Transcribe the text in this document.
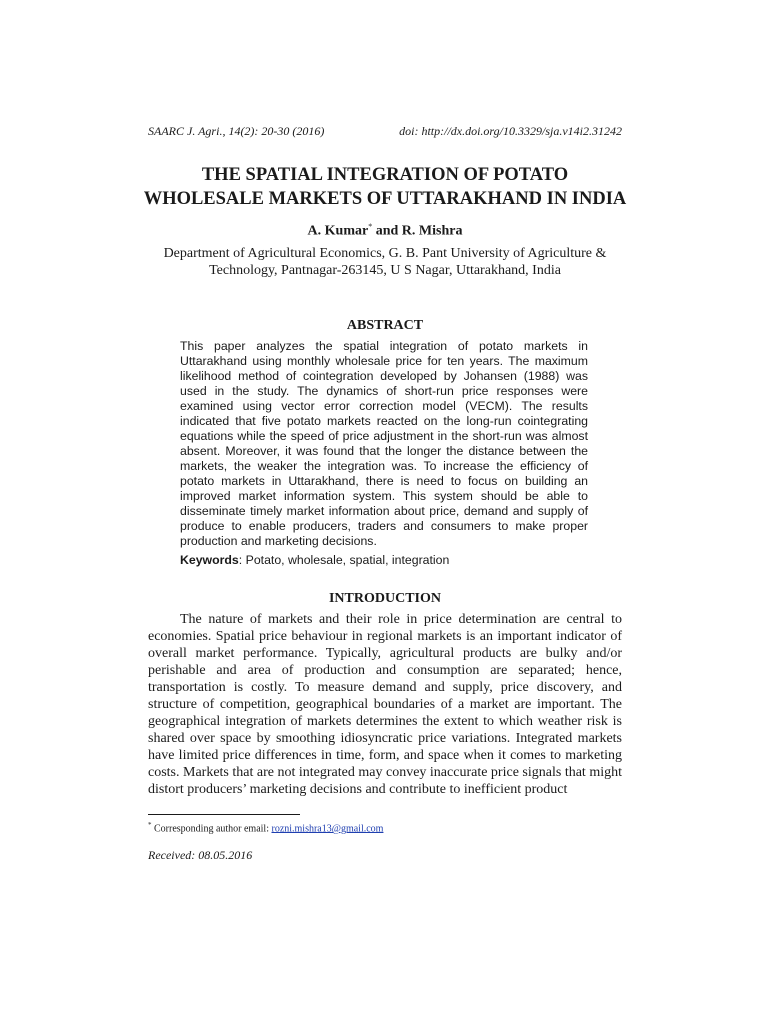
SAARC J. Agri., 14(2): 20-30 (2016)	doi: http://dx.doi.org/10.3329/sja.v14i2.31242
THE SPATIAL INTEGRATION OF POTATO
WHOLESALE MARKETS OF UTTARAKHAND IN INDIA
A. Kumar* and R. Mishra
Department of Agricultural Economics, G. B. Pant University of Agriculture &
Technology, Pantnagar-263145, U S Nagar, Uttarakhand, India
ABSTRACT
This paper analyzes the spatial integration of potato markets in Uttarakhand using monthly wholesale price for ten years. The maximum likelihood method of cointegration developed by Johansen (1988) was used in the study. The dynamics of short-run price responses were examined using vector error correction model (VECM). The results indicated that five potato markets reacted on the long-run cointegrating equations while the speed of price adjustment in the short-run was almost absent. Moreover, it was found that the longer the distance between the markets, the weaker the integration was. To increase the efficiency of potato markets in Uttarakhand, there is need to focus on building an improved market information system. This system should be able to disseminate timely market information about price, demand and supply of produce to enable producers, traders and consumers to make proper production and marketing decisions.
Keywords: Potato, wholesale, spatial, integration
INTRODUCTION
The nature of markets and their role in price determination are central to economies. Spatial price behaviour in regional markets is an important indicator of overall market performance. Typically, agricultural products are bulky and/or perishable and area of production and consumption are separated; hence, transportation is costly. To measure demand and supply, price discovery, and structure of competition, geographical boundaries of a market are important. The geographical integration of markets determines the extent to which weather risk is shared over space by smoothing idiosyncratic price variations. Integrated markets have limited price differences in time, form, and space when it comes to marketing costs. Markets that are not integrated may convey inaccurate price signals that might distort producers’ marketing decisions and contribute to inefficient product
* Corresponding author email: rozni.mishra13@gmail.com
Received: 08.05.2016
